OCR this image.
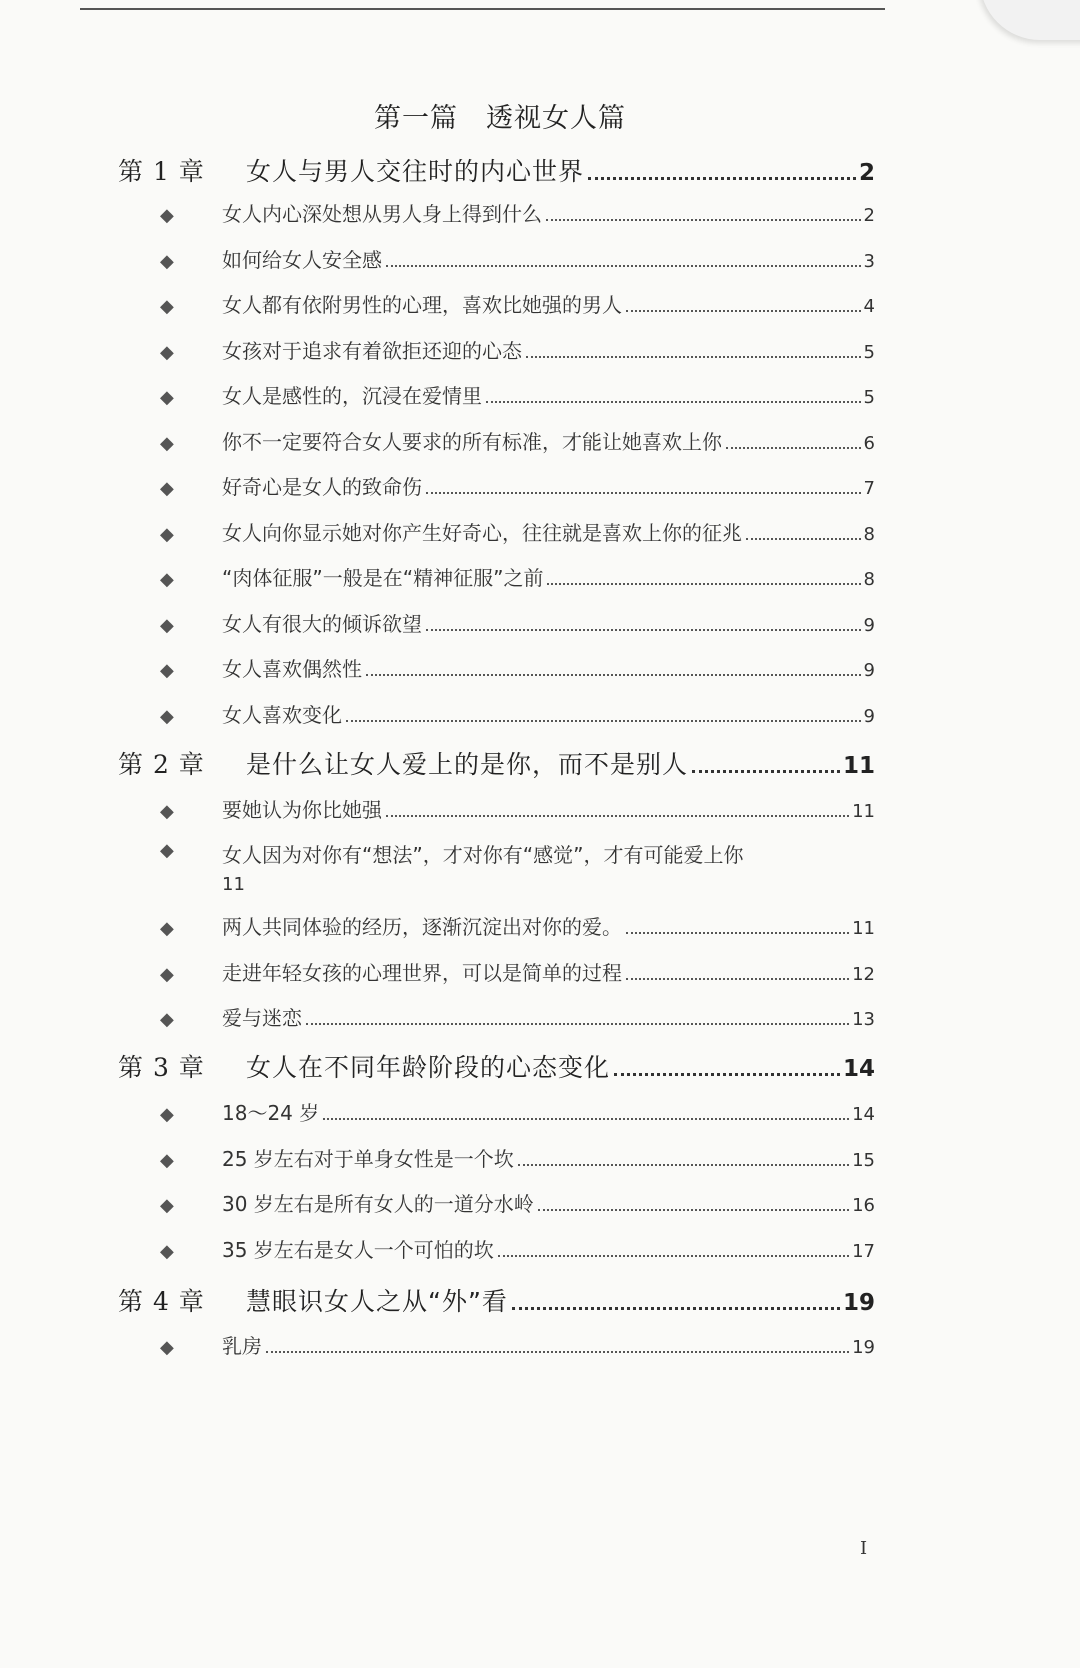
第一篇　透视女人篇
第 1 章	女人与男人交往时的内心世界	2
◆	女人内心深处想从男人身上得到什么	2
◆	如何给女人安全感	3
◆	女人都有依附男性的心理，喜欢比她强的男人	4
◆	女孩对于追求有着欲拒还迎的心态	5
◆	女人是感性的，沉浸在爱情里	5
◆	你不一定要符合女人要求的所有标准，才能让她喜欢上你	6
◆	好奇心是女人的致命伤	7
◆	女人向你显示她对你产生好奇心，往往就是喜欢上你的征兆	8
◆	“肉体征服”一般是在“精神征服”之前	8
◆	女人有很大的倾诉欲望	9
◆	女人喜欢偶然性	9
◆	女人喜欢变化	9
第 2 章	是什么让女人爱上的是你，而不是别人	11
◆	要她认为你比她强	11
◆	女人因为对你有“想法”，才对你有“感觉”，才有可能爱上你
11
◆	两人共同体验的经历，逐渐沉淀出对你的爱。	11
◆	走进年轻女孩的心理世界，可以是简单的过程	12
◆	爱与迷恋	13
第 3 章	女人在不同年龄阶段的心态变化	14
◆	18～24 岁	14
◆	25 岁左右对于单身女性是一个坎	15
◆	30 岁左右是所有女人的一道分水岭	16
◆	35 岁左右是女人一个可怕的坎	17
第 4 章	慧眼识女人之从“外”看	19
◆	乳房	19
I
